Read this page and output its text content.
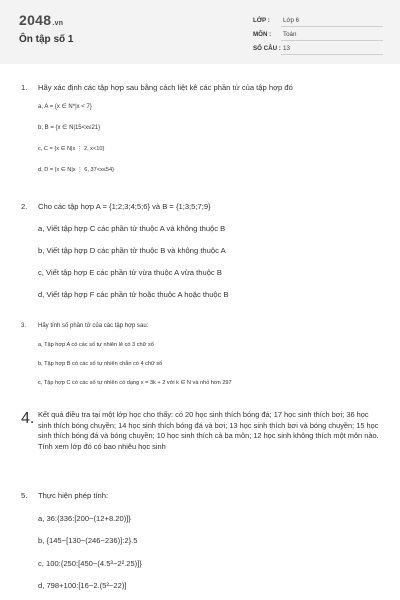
2048.vn
Ôn tập số 1
LỚP : Lớp 6
MÔN : Toán
SỐ CÂU : 13
1. Hãy xác định các tập hợp sau bằng cách liệt kê các phần tử của tập hợp đó
a, A = {x ∈ N*|x < 7}
b, B = {x ∈ N|15<x≤21}
c, C = {x ∈ N|x ⋮ 2, x<10}
d, D = {x ∈ N|x ⋮ 6, 37<x≤54}
2. Cho các tập hợp A = {1;2;3;4;5;6} và B = {1;3;5;7;9}
a, Viết tập hợp C các phần tử thuộc A và không thuộc B
b, Viết tập hợp D các phần tử thuộc B và không thuộc A
c, Viết tập hợp E các phần tử vừa thuộc A vừa thuộc B
d, Viết tập hợp F các phần tử hoặc thuộc A hoặc thuộc B
3. Hãy tính số phần tử của các tập hợp sau:
a, Tập hợp A có các số tự nhiên lẻ có 3 chữ số
b, Tập hợp B có các số tự nhiên chẵn có 4 chữ số
c, Tập hợp C có các số tự nhiên có dạng x = 3k + 2 với k ∈ N và nhỏ hơn 297
4. Kết quả điều tra tại một lớp học cho thấy: có 20 học sinh thích bóng đá; 17 học sinh thích bơi; 36 học sinh thích bóng chuyền; 14 học sinh thích bóng đá và bơi; 13 học sinh thích bơi và bóng chuyền; 15 học sinh thích bóng đá và bóng chuyền; 10 học sinh thích cả ba môn; 12 học sinh không thích một môn nào. Tính xem lớp đó có bao nhiêu học sinh
5. Thực hiện phép tính:
a, 36:{336:[200−(12+8.20)]}
b, {145−[130−(246−236)]:2}.5
c, 100:{250:[450−(4.5³−2².25)]}
d, 798+100:[16−2.(5²−22)]
